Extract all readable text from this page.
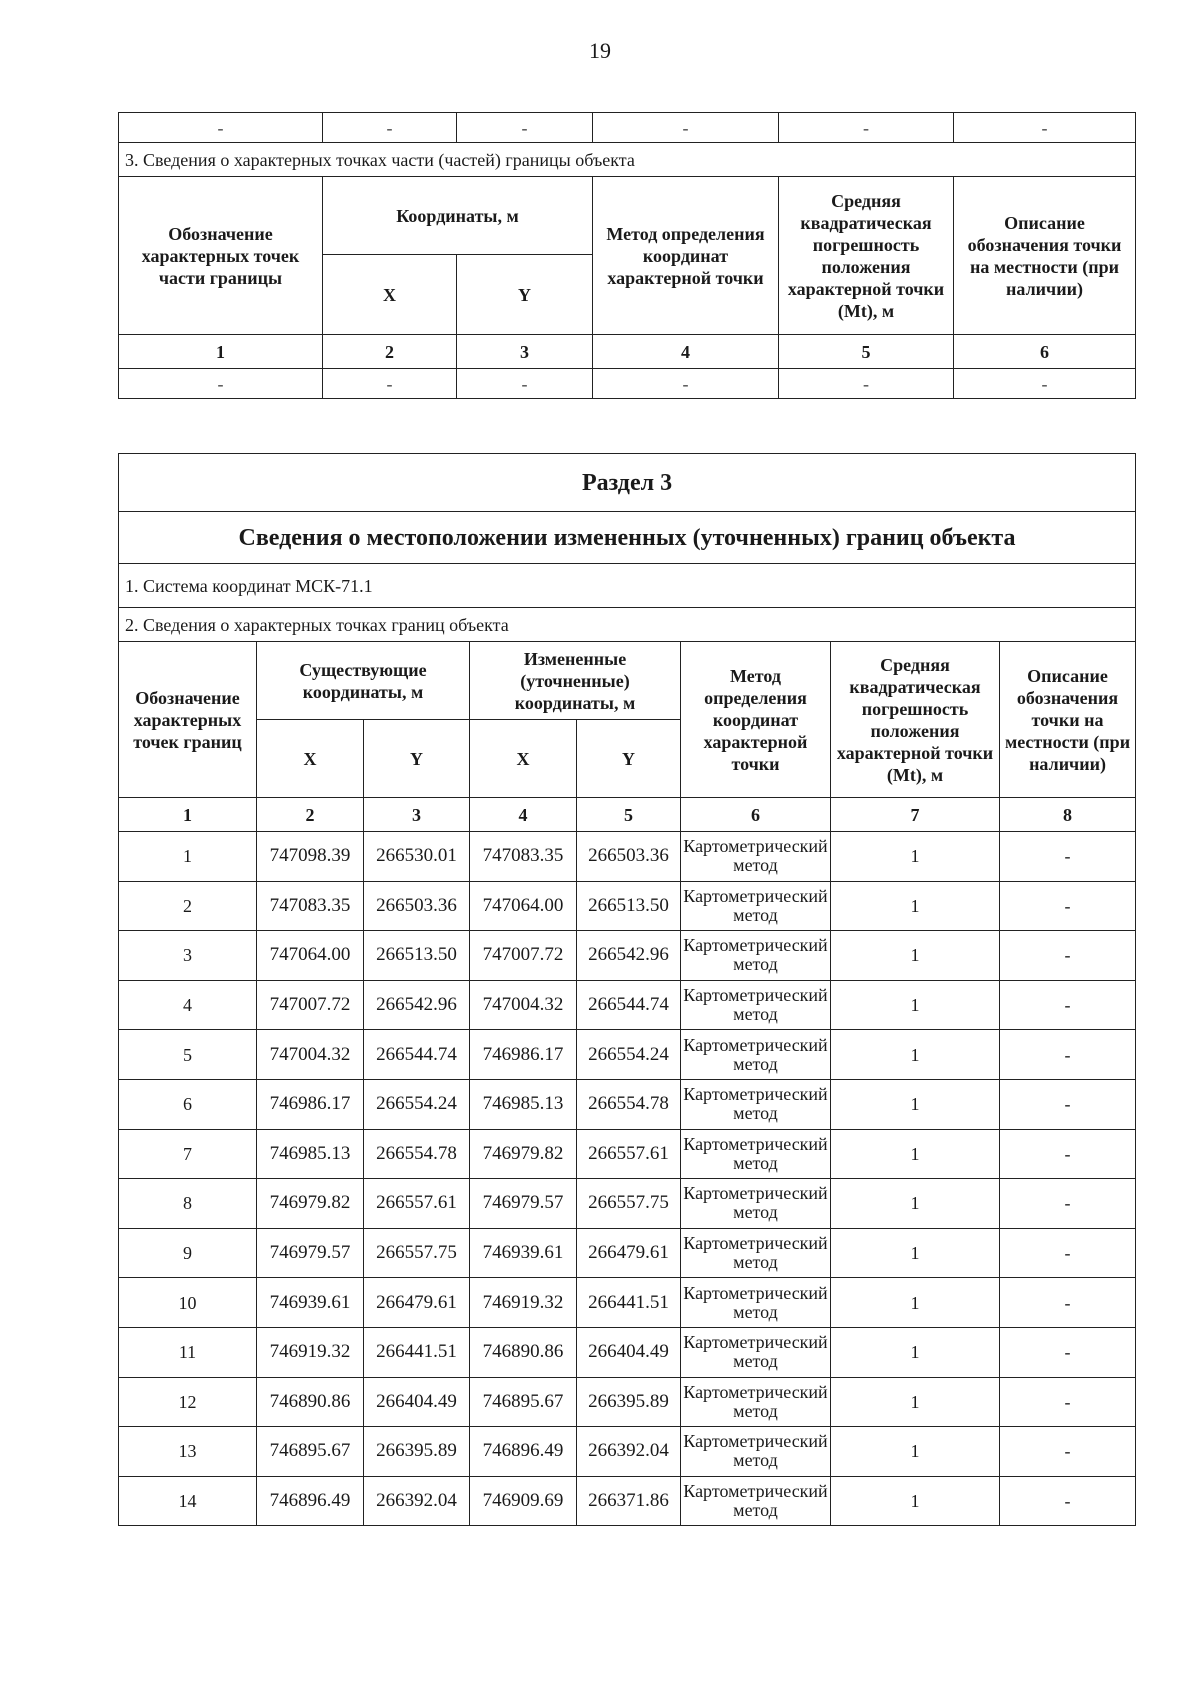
19
-	-	-	-	-	-
3. Сведения о характерных точках части (частей) границы объекта					
Обозначение характерных точек части границы	Координаты, м		Метод определения координат характерной точки	Средняя квадратическая погрешность положения характерной точки (Mt), м	Описание обозначения точки на местности (при наличии)
	X	Y			
1	2	3	4	5	6
-	-	-	-	-	-
Раздел 3							
Сведения о местоположении измененных (уточненных) границ объекта							
1. Система координат МСК-71.1							
2. Сведения о характерных точках границ объекта							
Обозначение характерных точек границ	Существующие координаты, м		Измененные (уточненные) координаты, м		Метод определения координат характерной точки	Средняя квадратическая погрешность положения характерной точки (Mt), м	Описание обозначения точки на местности (при наличии)
	X	Y	X	Y			
1	2	3	4	5	6	7	8
1	747098.39	266530.01	747083.35	266503.36	Картометрический метод	1	-
2	747083.35	266503.36	747064.00	266513.50	Картометрический метод	1	-
3	747064.00	266513.50	747007.72	266542.96	Картометрический метод	1	-
4	747007.72	266542.96	747004.32	266544.74	Картометрический метод	1	-
5	747004.32	266544.74	746986.17	266554.24	Картометрический метод	1	-
6	746986.17	266554.24	746985.13	266554.78	Картометрический метод	1	-
7	746985.13	266554.78	746979.82	266557.61	Картометрический метод	1	-
8	746979.82	266557.61	746979.57	266557.75	Картометрический метод	1	-
9	746979.57	266557.75	746939.61	266479.61	Картометрический метод	1	-
10	746939.61	266479.61	746919.32	266441.51	Картометрический метод	1	-
11	746919.32	266441.51	746890.86	266404.49	Картометрический метод	1	-
12	746890.86	266404.49	746895.67	266395.89	Картометрический метод	1	-
13	746895.67	266395.89	746896.49	266392.04	Картометрический метод	1	-
14	746896.49	266392.04	746909.69	266371.86	Картометрический метод	1	-
